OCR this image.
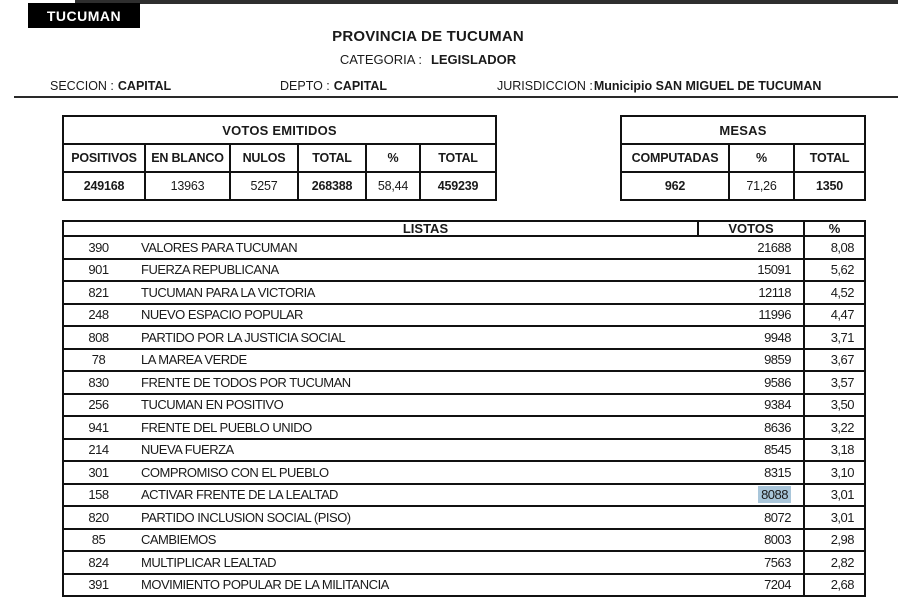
TUCUMAN
PROVINCIA DE TUCUMAN
CATEGORIA : LEGISLADOR
SECCION : CAPITAL	DEPTO : CAPITAL	JURISDICCION :Municipio SAN MIGUEL DE TUCUMAN
VOTOS EMITIDOS					
POSITIVOS	EN BLANCO	NULOS	TOTAL	%	TOTAL
249168	13963	5257	268388	58,44	459239
MESAS		
COMPUTADAS	%	TOTAL
962	71,26	1350
LISTAS		VOTOS	%
390	VALORES PARA TUCUMAN	21688	8,08
901	FUERZA REPUBLICANA	15091	5,62
821	TUCUMAN PARA LA VICTORIA	12118	4,52
248	NUEVO ESPACIO POPULAR	11996	4,47
808	PARTIDO POR LA JUSTICIA SOCIAL	9948	3,71
78	LA MAREA VERDE	9859	3,67
830	FRENTE DE TODOS POR TUCUMAN	9586	3,57
256	TUCUMAN EN POSITIVO	9384	3,50
941	FRENTE DEL PUEBLO UNIDO	8636	3,22
214	NUEVA FUERZA	8545	3,18
301	COMPROMISO CON EL PUEBLO	8315	3,10
158	ACTIVAR FRENTE DE LA LEALTAD	8088	3,01
820	PARTIDO INCLUSION SOCIAL (PISO)	8072	3,01
85	CAMBIEMOS	8003	2,98
824	MULTIPLICAR LEALTAD	7563	2,82
391	MOVIMIENTO POPULAR DE LA MILITANCIA	7204	2,68
